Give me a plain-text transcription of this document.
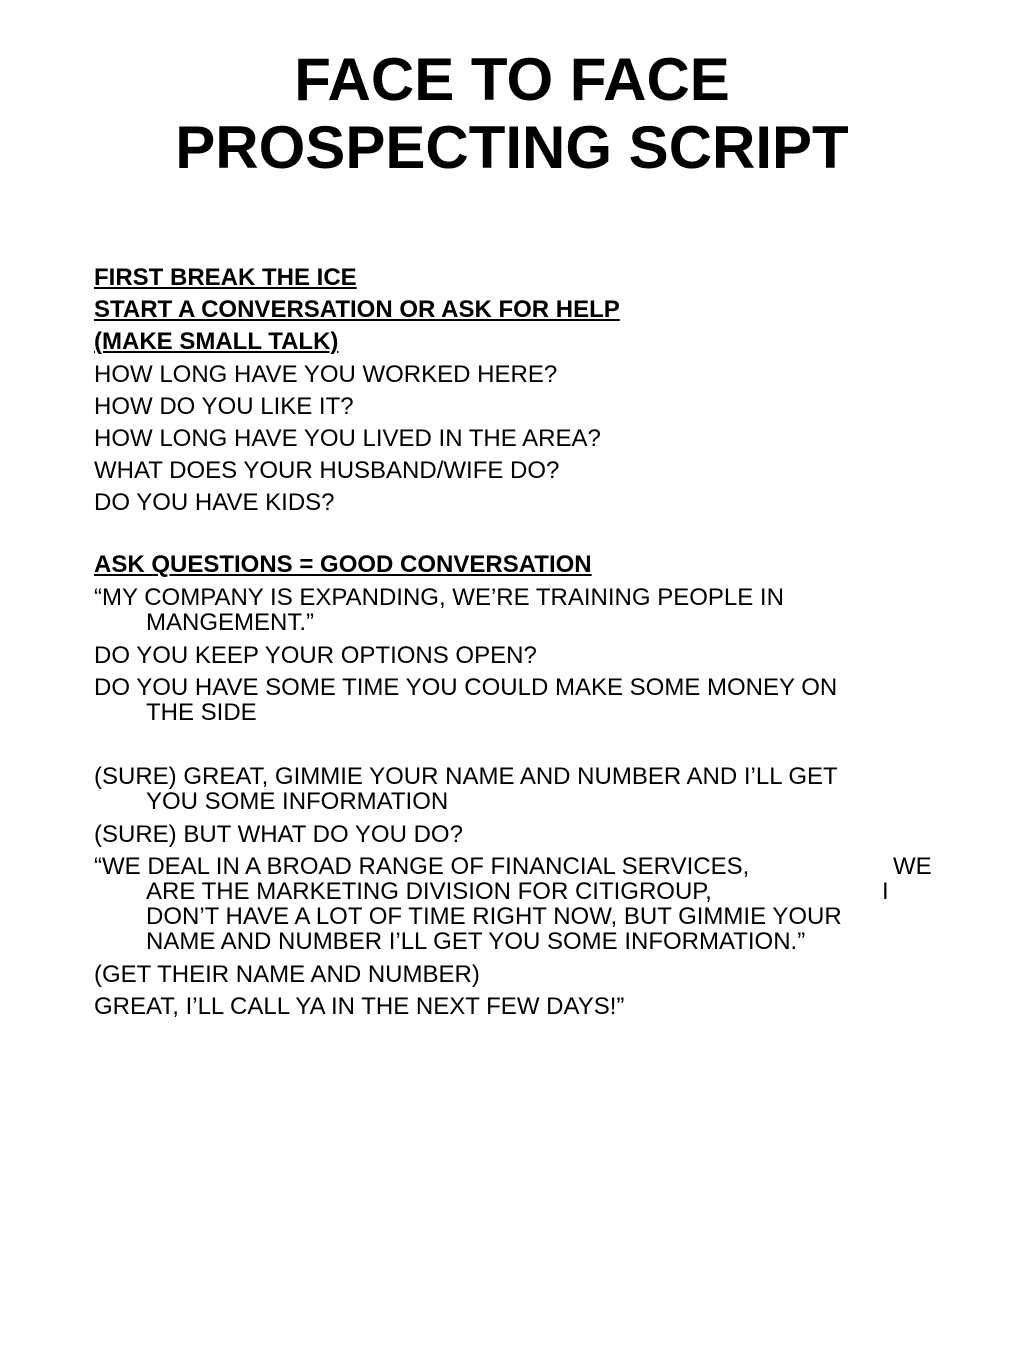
FACE TO FACE

PROSPECTING SCRIPT

FIRST BREAK THE ICE
START A CONVERSATION OR ASK FOR HELP
(MAKE SMALL TALK)
HOW LONG HAVE YOU WORKED HERE?
HOW DO YOU LIKE IT?
HOW LONG HAVE YOU LIVED IN THE AREA?
WHAT DOES YOUR HUSBAND/WIFE DO?
DO YOU HAVE KIDS?
ASK QUESTIONS = GOOD CONVERSATION
“MY COMPANY IS EXPANDING, WE’RE TRAINING PEOPLE IN
MANGEMENT.”
DO YOU KEEP YOUR OPTIONS OPEN?
DO YOU HAVE SOME TIME YOU COULD MAKE SOME MONEY ON
THE SIDE
(SURE) GREAT, GIMMIE YOUR NAME AND NUMBER AND I’LL GET
YOU SOME INFORMATION
(SURE) BUT WHAT DO YOU DO?
“WE DEAL IN A BROAD RANGE OF FINANCIAL SERVICES,	WE
ARE THE MARKETING DIVISION FOR CITIGROUP,	I
DON’T HAVE A LOT OF TIME RIGHT NOW, BUT GIMMIE YOUR
NAME AND NUMBER I’LL GET YOU SOME INFORMATION.”
(GET THEIR NAME AND NUMBER)
GREAT, I’LL CALL YA IN THE NEXT FEW DAYS!”
